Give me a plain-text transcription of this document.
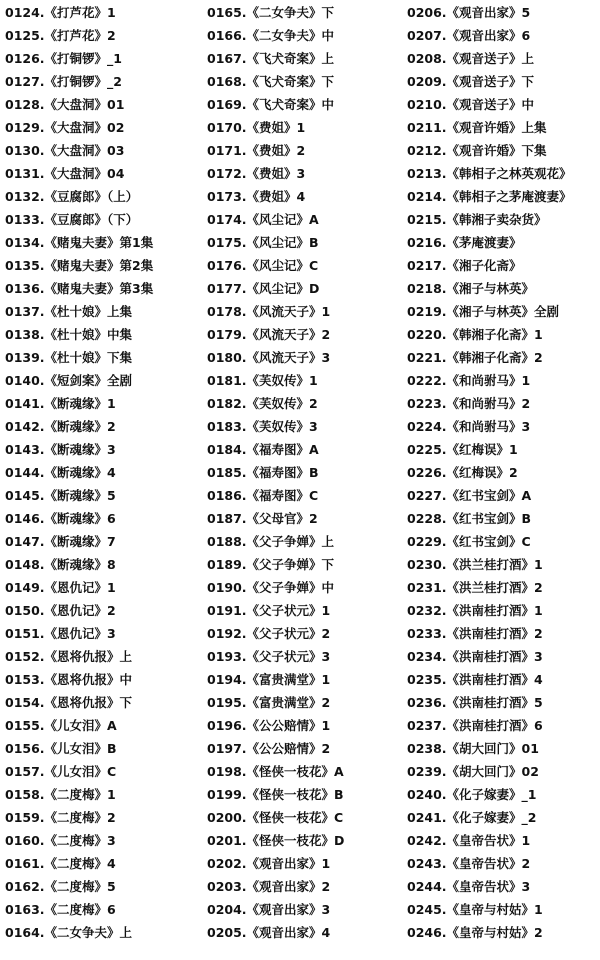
0124.《打芦花》1
0125.《打芦花》2
0126.《打铜锣》_1
0127.《打铜锣》_2
0128.《大盘洞》01
0129.《大盘洞》02
0130.《大盘洞》03
0131.《大盘洞》04
0132.《豆腐郎》（上）
0133.《豆腐郎》（下）
0134.《赌鬼夫妻》第1集
0135.《赌鬼夫妻》第2集
0136.《赌鬼夫妻》第3集
0137.《杜十娘》上集
0138.《杜十娘》中集
0139.《杜十娘》下集
0140.《短剑案》全剧
0141.《断魂缘》1
0142.《断魂缘》2
0143.《断魂缘》3
0144.《断魂缘》4
0145.《断魂缘》5
0146.《断魂缘》6
0147.《断魂缘》7
0148.《断魂缘》8
0149.《恩仇记》1
0150.《恩仇记》2
0151.《恩仇记》3
0152.《恩将仇报》上
0153.《恩将仇报》中
0154.《恩将仇报》下
0155.《儿女泪》A
0156.《儿女泪》B
0157.《儿女泪》C
0158.《二度梅》1
0159.《二度梅》2
0160.《二度梅》3
0161.《二度梅》4
0162.《二度梅》5
0163.《二度梅》6
0164.《二女争夫》上
0165.《二女争夫》下
0166.《二女争夫》中
0167.《飞犬奇案》上
0168.《飞犬奇案》下
0169.《飞犬奇案》中
0170.《费姐》1
0171.《费姐》2
0172.《费姐》3
0173.《费姐》4
0174.《风尘记》A
0175.《风尘记》B
0176.《风尘记》C
0177.《风尘记》D
0178.《风流天子》1
0179.《风流天子》2
0180.《风流天子》3
0181.《芙奴传》1
0182.《芙奴传》2
0183.《芙奴传》3
0184.《福寿图》A
0185.《福寿图》B
0186.《福寿图》C
0187.《父母官》2
0188.《父子争婵》上
0189.《父子争婵》下
0190.《父子争婵》中
0191.《父子状元》1
0192.《父子状元》2
0193.《父子状元》3
0194.《富贵满堂》1
0195.《富贵满堂》2
0196.《公公赔情》1
0197.《公公赔情》2
0198.《怪侠一枝花》A
0199.《怪侠一枝花》B
0200.《怪侠一枝花》C
0201.《怪侠一枝花》D
0202.《观音出家》1
0203.《观音出家》2
0204.《观音出家》3
0205.《观音出家》4
0206.《观音出家》5
0207.《观音出家》6
0208.《观音送子》上
0209.《观音送子》下
0210.《观音送子》中
0211.《观音许婚》上集
0212.《观音许婚》下集
0213.《韩相子之林英观花》
0214.《韩相子之茅庵渡妻》
0215.《韩湘子卖杂货》
0216.《茅庵渡妻》
0217.《湘子化斋》
0218.《湘子与林英》
0219.《湘子与林英》全剧
0220.《韩湘子化斋》1
0221.《韩湘子化斋》2
0222.《和尚驸马》1
0223.《和尚驸马》2
0224.《和尚驸马》3
0225.《红梅误》1
0226.《红梅误》2
0227.《红书宝剑》A
0228.《红书宝剑》B
0229.《红书宝剑》C
0230.《洪兰桂打酒》1
0231.《洪兰桂打酒》2
0232.《洪南桂打酒》1
0233.《洪南桂打酒》2
0234.《洪南桂打酒》3
0235.《洪南桂打酒》4
0236.《洪南桂打酒》5
0237.《洪南桂打酒》6
0238.《胡大回门》01
0239.《胡大回门》02
0240.《化子嫁妻》_1
0241.《化子嫁妻》_2
0242.《皇帝告状》1
0243.《皇帝告状》2
0244.《皇帝告状》3
0245.《皇帝与村姑》1
0246.《皇帝与村姑》2
